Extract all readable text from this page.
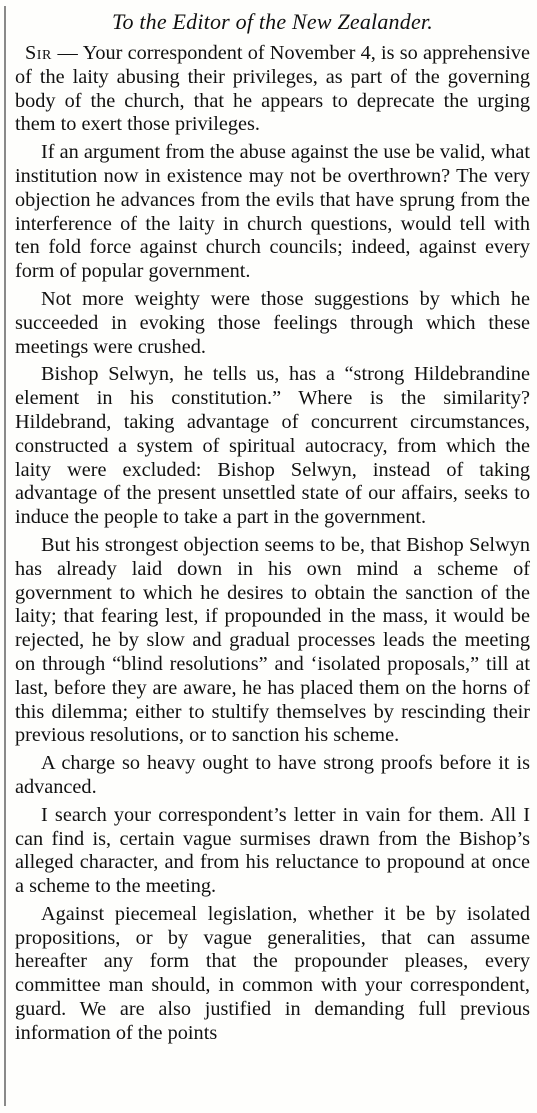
To the Editor of the New Zealander.

Sir — Your correspondent of November 4, is so apprehensive of the laity abusing their privileges, as part of the governing body of the church, that he appears to deprecate the urging them to exert those privileges.

If an argument from the abuse against the use be valid, what institution now in existence may not be overthrown? The very objection he advances from the evils that have sprung from the interference of the laity in church questions, would tell with ten fold force against church councils; indeed, against every form of popular government.

Not more weighty were those suggestions by which he succeeded in evoking those feelings through which these meetings were crushed.

Bishop Selwyn, he tells us, has a “strong Hildebrandine element in his constitution.” Where is the similarity? Hildebrand, taking advantage of concurrent circumstances, constructed a system of spiritual autocracy, from which the laity were excluded: Bishop Selwyn, instead of taking advantage of the present unsettled state of our affairs, seeks to induce the people to take a part in the government.

But his strongest objection seems to be, that Bishop Selwyn has already laid down in his own mind a scheme of government to which he desires to obtain the sanction of the laity; that fearing lest, if propounded in the mass, it would be rejected, he by slow and gradual processes leads the meeting on through “blind resolutions” and ‘isolated proposals,” till at last, before they are aware, he has placed them on the horns of this dilemma; either to stultify themselves by rescinding their previous resolutions, or to sanction his scheme.

A charge so heavy ought to have strong proofs before it is advanced.

I search your correspondent’s letter in vain for them. All I can find is, certain vague surmises drawn from the Bishop’s alleged character, and from his reluctance to propound at once a scheme to the meeting.

Against piecemeal legislation, whether it be by isolated propositions, or by vague generalities, that can assume hereafter any form that the propounder pleases, every committee man should, in common with your correspondent, guard. We are also justified in demanding full previous information of the points
